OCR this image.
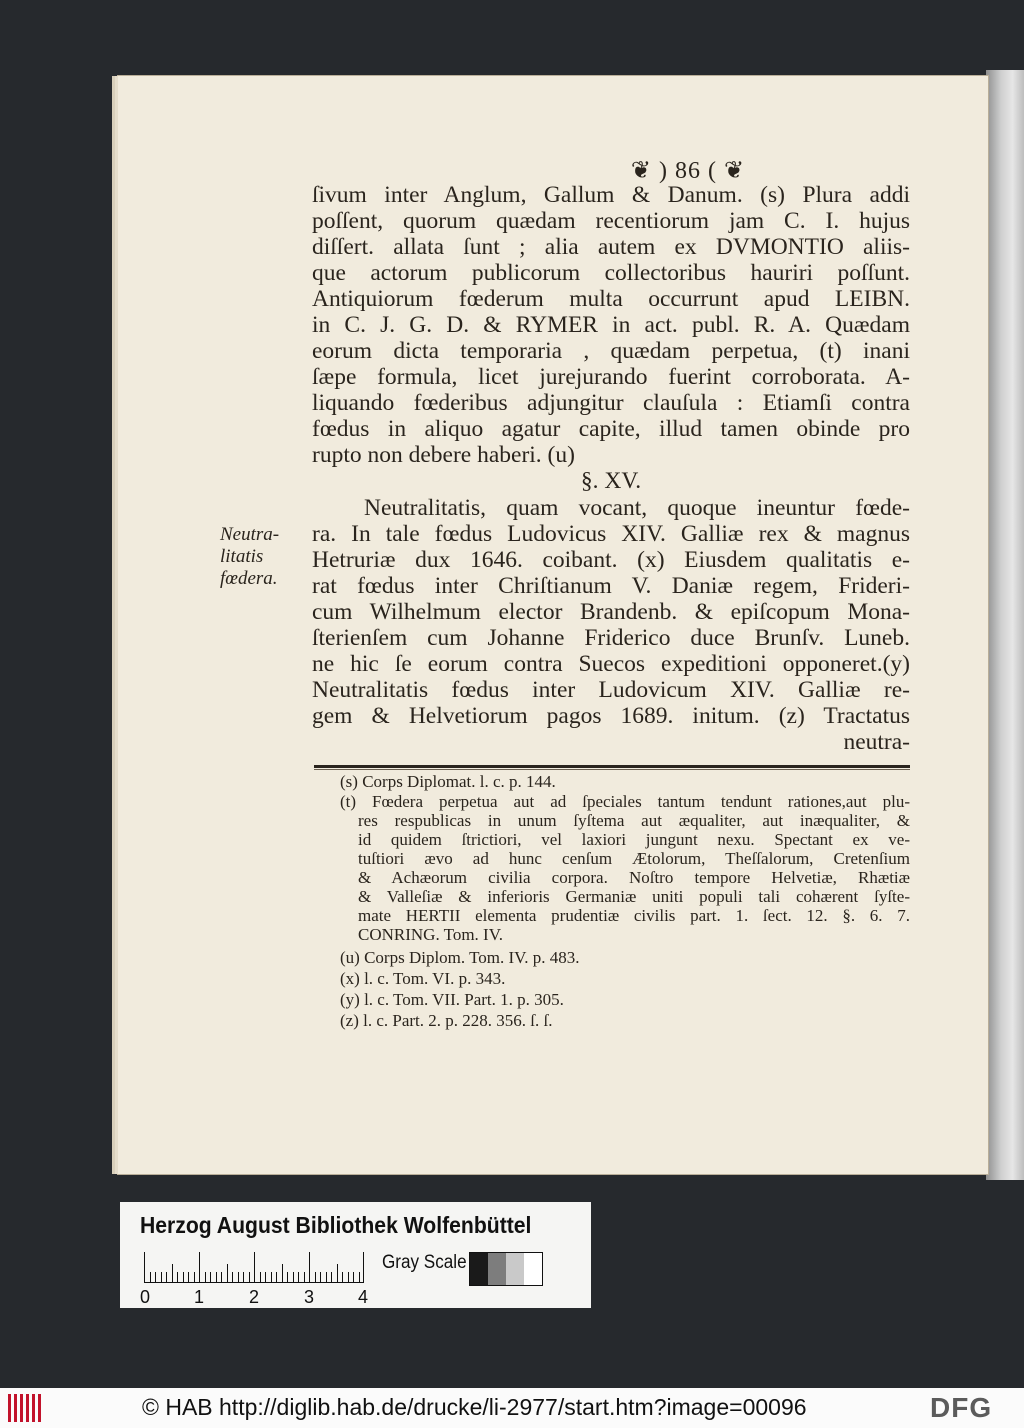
❦ ) 86 ( ❦
ſivum inter Anglum, Gallum & Danum. (s) Plura addi
poſſent, quorum quædam recentiorum jam C. I. hujus
diſſert. allata ſunt ; alia autem ex DVMONTIO aliis-
que actorum publicorum collectoribus hauriri poſſunt.
Antiquiorum fœderum multa occurrunt apud LEIBN.
in C. J. G. D. & RYMER in act. publ. R. A. Quædam
eorum dicta temporaria , quædam perpetua, (t) inani
ſæpe formula, licet jurejurando fuerint corroborata. A-
liquando fœderibus adjungitur clauſula : Etiamſi contra
fœdus in aliquo agatur capite, illud tamen obinde pro
rupto non debere haberi. (u)
§. XV.
Neutralitatis, quam vocant, quoque ineuntur fœde-
ra. In tale fœdus Ludovicus XIV. Galliæ rex & magnus
Hetruriæ dux 1646. coibant. (x) Eiusdem qualitatis e-
rat fœdus inter Chriſtianum V. Daniæ regem, Frideri-
cum Wilhelmum elector Brandenb. & epiſcopum Mona-
ſterienſem cum Johanne Friderico duce Brunſv. Luneb.
ne hic ſe eorum contra Suecos expeditioni opponeret.(y)
Neutralitatis fœdus inter Ludovicum XIV. Galliæ re-
gem & Helvetiorum pagos 1689. initum. (z) Tractatus
neutra-
Neutra-
litatis
fœdera.
(s) Corps Diplomat. l. c. p. 144.
(t) Fœdera perpetua aut ad ſpeciales tantum tendunt rationes,aut plu-
res respublicas in unum ſyſtema aut æqualiter, aut inæqualiter, &
id quidem ſtrictiori, vel laxiori jungunt nexu. Spectant ex ve-
tuſtiori ævo ad hunc cenſum Ætolorum, Theſſalorum, Cretenſium
& Achæorum civilia corpora. Noſtro tempore Helvetiæ, Rhætiæ
& Valleſiæ & inferioris Germaniæ uniti populi tali cohærent ſyſte-
mate HERTII elementa prudentiæ civilis part. 1. ſect. 12. §. 6. 7.
CONRING. Tom. IV.
(u) Corps Diplom. Tom. IV. p. 483.
(x) l. c. Tom. VI. p. 343.
(y) l. c. Tom. VII. Part. 1. p. 305.
(z) l. c. Part. 2. p. 228. 356. ſ. ſ.
Herzog August Bibliothek Wolfenbüttel
0 1 2 3 4
Gray Scale
© HAB http://diglib.hab.de/drucke/li-2977/start.htm?image=00096	DFG
